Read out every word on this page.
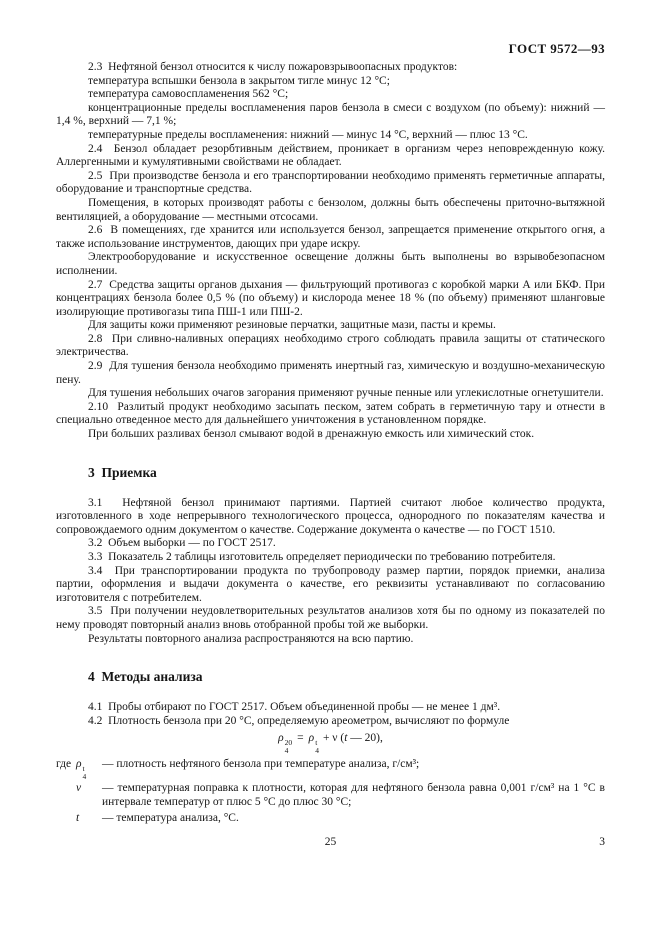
ГОСТ 9572—93

2.3  Нефтяной бензол относится к числу пожаровзрывоопасных продуктов:

температура вспышки бензола в закрытом тигле минус 12 °С;

температура самовоспламенения 562 °С;

концентрационные пределы воспламенения паров бензола в смеси с воздухом (по объему): нижний — 1,4 %, верхний — 7,1 %;

температурные пределы воспламенения: нижний — минус 14 °С, верхний — плюс 13 °С.

2.4  Бензол обладает резорбтивным действием, проникает в организм через неповрежденную кожу. Аллергенными и кумулятивными свойствами не обладает.

2.5  При производстве бензола и его транспортировании необходимо применять герметичные аппараты, оборудование и транспортные средства.

Помещения, в которых производят работы с бензолом, должны быть обеспечены приточно-вытяжной вентиляцией, а оборудование — местными отсосами.

2.6  В помещениях, где хранится или используется бензол, запрещается применение открытого огня, а также использование инструментов, дающих при ударе искру.

Электрооборудование и искусственное освещение должны быть выполнены во взрывобезопасном исполнении.

2.7  Средства защиты органов дыхания — фильтрующий противогаз с коробкой марки А или БКФ. При концентрациях бензола более 0,5 % (по объему) и кислорода менее 18 % (по объему) применяют шланговые изолирующие противогазы типа ПШ-1 или ПШ-2.

Для защиты кожи применяют резиновые перчатки, защитные мази, пасты и кремы.

2.8  При сливно-наливных операциях необходимо строго соблюдать правила защиты от статического электричества.

2.9  Для тушения бензола необходимо применять инертный газ, химическую и воздушно-механическую пену.

Для тушения небольших очагов загорания применяют ручные пенные или углекислотные огнетушители.

2.10  Разлитый продукт необходимо засыпать песком, затем собрать в герметичную тару и отнести в специально отведенное место для дальнейшего уничтожения в установленном порядке.

При больших разливах бензол смывают водой в дренажную емкость или химический сток.

3  Приемка

3.1  Нефтяной бензол принимают партиями. Партией считают любое количество продукта, изготовленного в ходе непрерывного технологического процесса, однородного по показателям качества и сопровождаемого одним документом о качестве. Содержание документа о качестве — по ГОСТ 1510.

3.2  Объем выборки — по ГОСТ 2517.

3.3  Показатель 2 таблицы изготовитель определяет периодически по требованию потребителя.

3.4  При транспортировании продукта по трубопроводу размер партии, порядок приемки, анализа партии, оформления и выдачи документа о качестве, его реквизиты устанавливают по согласованию изготовителя с потребителем.

3.5  При получении неудовлетворительных результатов анализов хотя бы по одному из показателей по нему проводят повторный анализ вновь отобранной пробы той же выборки.

Результаты повторного анализа распространяются на всю партию.

4  Методы анализа

4.1  Пробы отбирают по ГОСТ 2517. Объем объединенной пробы — не менее 1 дм³.

4.2  Плотность бензола при 20 °С, определяемую ареометром, вычисляют по формуле

ρ 20
4
= ρ t
4
+ ν (t — 20),
где ρ t
4
— плотность нефтяного бензола при температуре анализа, г/см³;
ν	— температурная поправка к плотности, которая для нефтяного бензола равна 0,001 г/см³ на 1 °С в интервале температур от плюс 5 °С до плюс 30 °С;
t	— температура анализа, °С.
25	3
